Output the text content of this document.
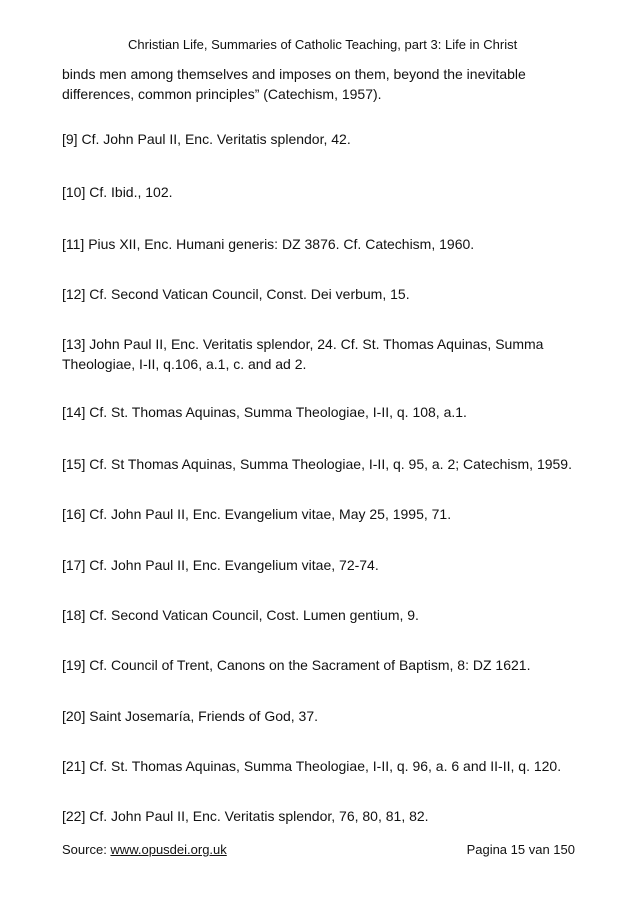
Christian Life, Summaries of Catholic Teaching, part 3: Life in Christ
binds men among themselves and imposes on them, beyond the inevitable
differences, common principles” (Catechism, 1957).

[9] Cf. John Paul II, Enc. Veritatis splendor, 42.

[10] Cf. Ibid., 102.

[11] Pius XII, Enc. Humani generis: DZ 3876. Cf. Catechism, 1960.

[12] Cf. Second Vatican Council, Const. Dei verbum, 15.

[13] John Paul II, Enc. Veritatis splendor, 24. Cf. St. Thomas Aquinas, Summa
Theologiae, I-II, q.106, a.1, c. and ad 2.

[14] Cf. St. Thomas Aquinas, Summa Theologiae, I-II, q. 108, a.1.

[15] Cf. St Thomas Aquinas, Summa Theologiae, I-II, q. 95, a. 2; Catechism, 1959.

[16] Cf. John Paul II, Enc. Evangelium vitae, May 25, 1995, 71.

[17] Cf. John Paul II, Enc. Evangelium vitae, 72-74.

[18] Cf. Second Vatican Council, Cost. Lumen gentium, 9.

[19] Cf. Council of Trent, Canons on the Sacrament of Baptism, 8: DZ 1621.

[20] Saint Josemaría, Friends of God, 37.

[21] Cf. St. Thomas Aquinas, Summa Theologiae, I-II, q. 96, a. 6 and II-II, q. 120.

[22] Cf. John Paul II, Enc. Veritatis splendor, 76, 80, 81, 82.

Source: www.opusdei.org.uk	Pagina 15 van 150
